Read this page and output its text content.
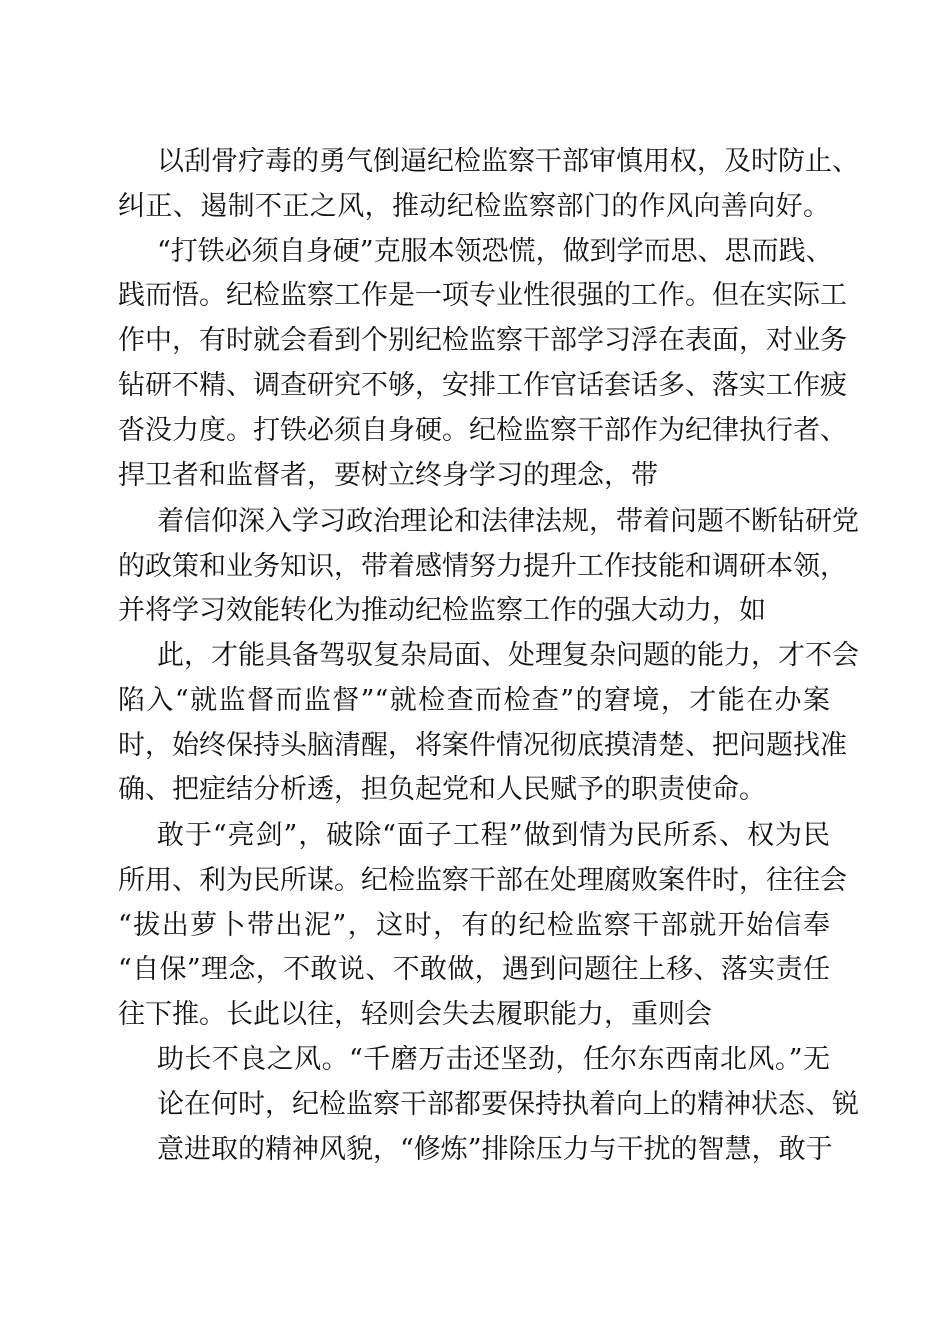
以刮骨疗毒的勇气倒逼纪检监察干部审慎用权，及时防止、
纠正、遏制不正之风，推动纪检监察部门的作风向善向好。
“打铁必须自身硬”克服本领恐慌，做到学而思、思而践、
践而悟。纪检监察工作是一项专业性很强的工作。但在实际工
作中，有时就会看到个别纪检监察干部学习浮在表面，对业务
钻研不精、调查研究不够，安排工作官话套话多、落实工作疲
沓没力度。打铁必须自身硬。纪检监察干部作为纪律执行者、
捍卫者和监督者，要树立终身学习的理念，带
着信仰深入学习政治理论和法律法规，带着问题不断钻研党
的政策和业务知识，带着感情努力提升工作技能和调研本领，
并将学习效能转化为推动纪检监察工作的强大动力，如
此，才能具备驾驭复杂局面、处理复杂问题的能力，才不会
陷入“就监督而监督”“就检查而检查”的窘境，才能在办案
时，始终保持头脑清醒，将案件情况彻底摸清楚、把问题找准
确、把症结分析透，担负起党和人民赋予的职责使命。
敢于“亮剑”，破除“面子工程”做到情为民所系、权为民
所用、利为民所谋。纪检监察干部在处理腐败案件时，往往会
“拔出萝卜带出泥”，这时，有的纪检监察干部就开始信奉
“自保”理念，不敢说、不敢做，遇到问题往上移、落实责任
往下推。长此以往，轻则会失去履职能力，重则会
助长不良之风。“千磨万击还坚劲，任尔东西南北风。”无
论在何时，纪检监察干部都要保持执着向上的精神状态、锐
意进取的精神风貌，“修炼”排除压力与干扰的智慧，敢于
